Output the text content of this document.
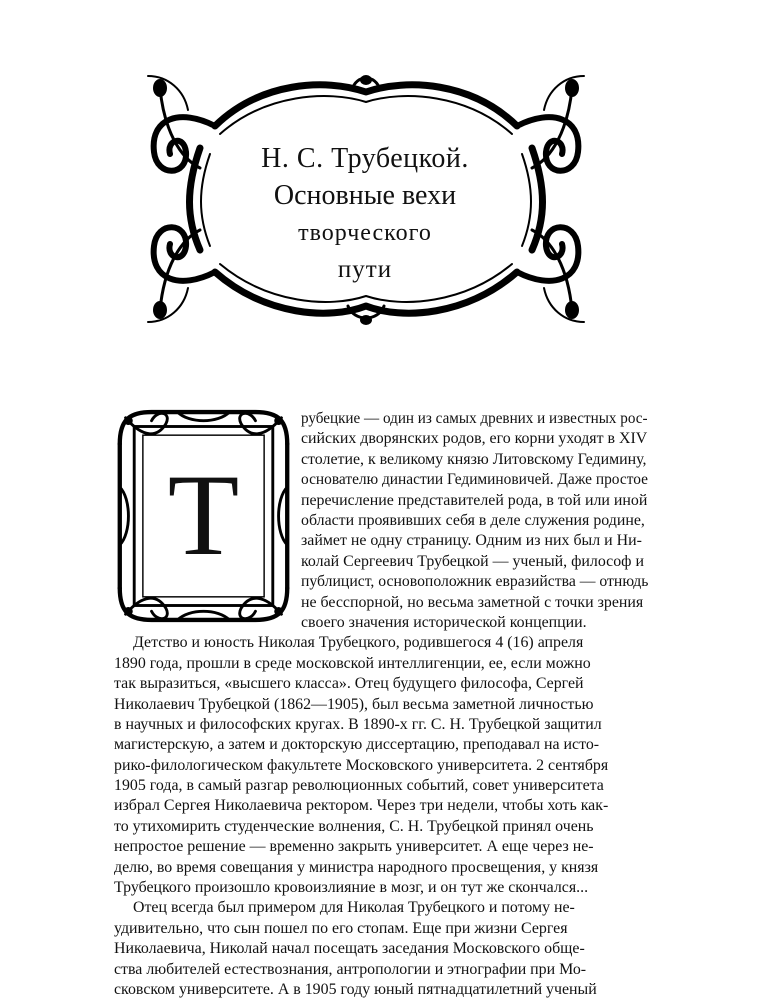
Н. С. Трубецкой.
Основные вехи
творческого
пути
Т
рубецкие — один из самых древних и известных рос-
сийских дворянских родов, его корни уходят в XIV
столетие, к великому князю Литовскому Гедимину,
основателю династии Гедиминовичей. Даже простое
перечисление представителей рода, в той или иной
области проявивших себя в деле служения родине,
займет не одну страницу. Одним из них был и Ни-
колай Сергеевич Трубецкой — ученый, философ и
публицист, основоположник евразийства — отнюдь
не бесспорной, но весьма заметной с точки зрения
своего значения исторической концепции.
Детство и юность Николая Трубецкого, родившегося 4 (16) апреля
1890 года, прошли в среде московской интеллигенции, ее, если можно
так выразиться, «высшего класса». Отец будущего философа, Сергей
Николаевич Трубецкой (1862—1905), был весьма заметной личностью
в научных и философских кругах. В 1890-х гг. С. Н. Трубецкой защитил
магистерскую, а затем и докторскую диссертацию, преподавал на исто-
рико-филологическом факультете Московского университета. 2 сентября
1905 года, в самый разгар революционных событий, совет университета
избрал Сергея Николаевича ректором. Через три недели, чтобы хоть как-
то утихомирить студенческие волнения, С. Н. Трубецкой принял очень
непростое решение — временно закрыть университет. А еще через не-
делю, во время совещания у министра народного просвещения, у князя
Трубецкого произошло кровоизлияние в мозг, и он тут же скончался...
Отец всегда был примером для Николая Трубецкого и потому не-
удивительно, что сын пошел по его стопам. Еще при жизни Сергея
Николаевича, Николай начал посещать заседания Московского обще-
ства любителей естествознания, антропологии и этнографии при Мо-
сковском университете. А в 1905 году юный пятнадцатилетний ученый
